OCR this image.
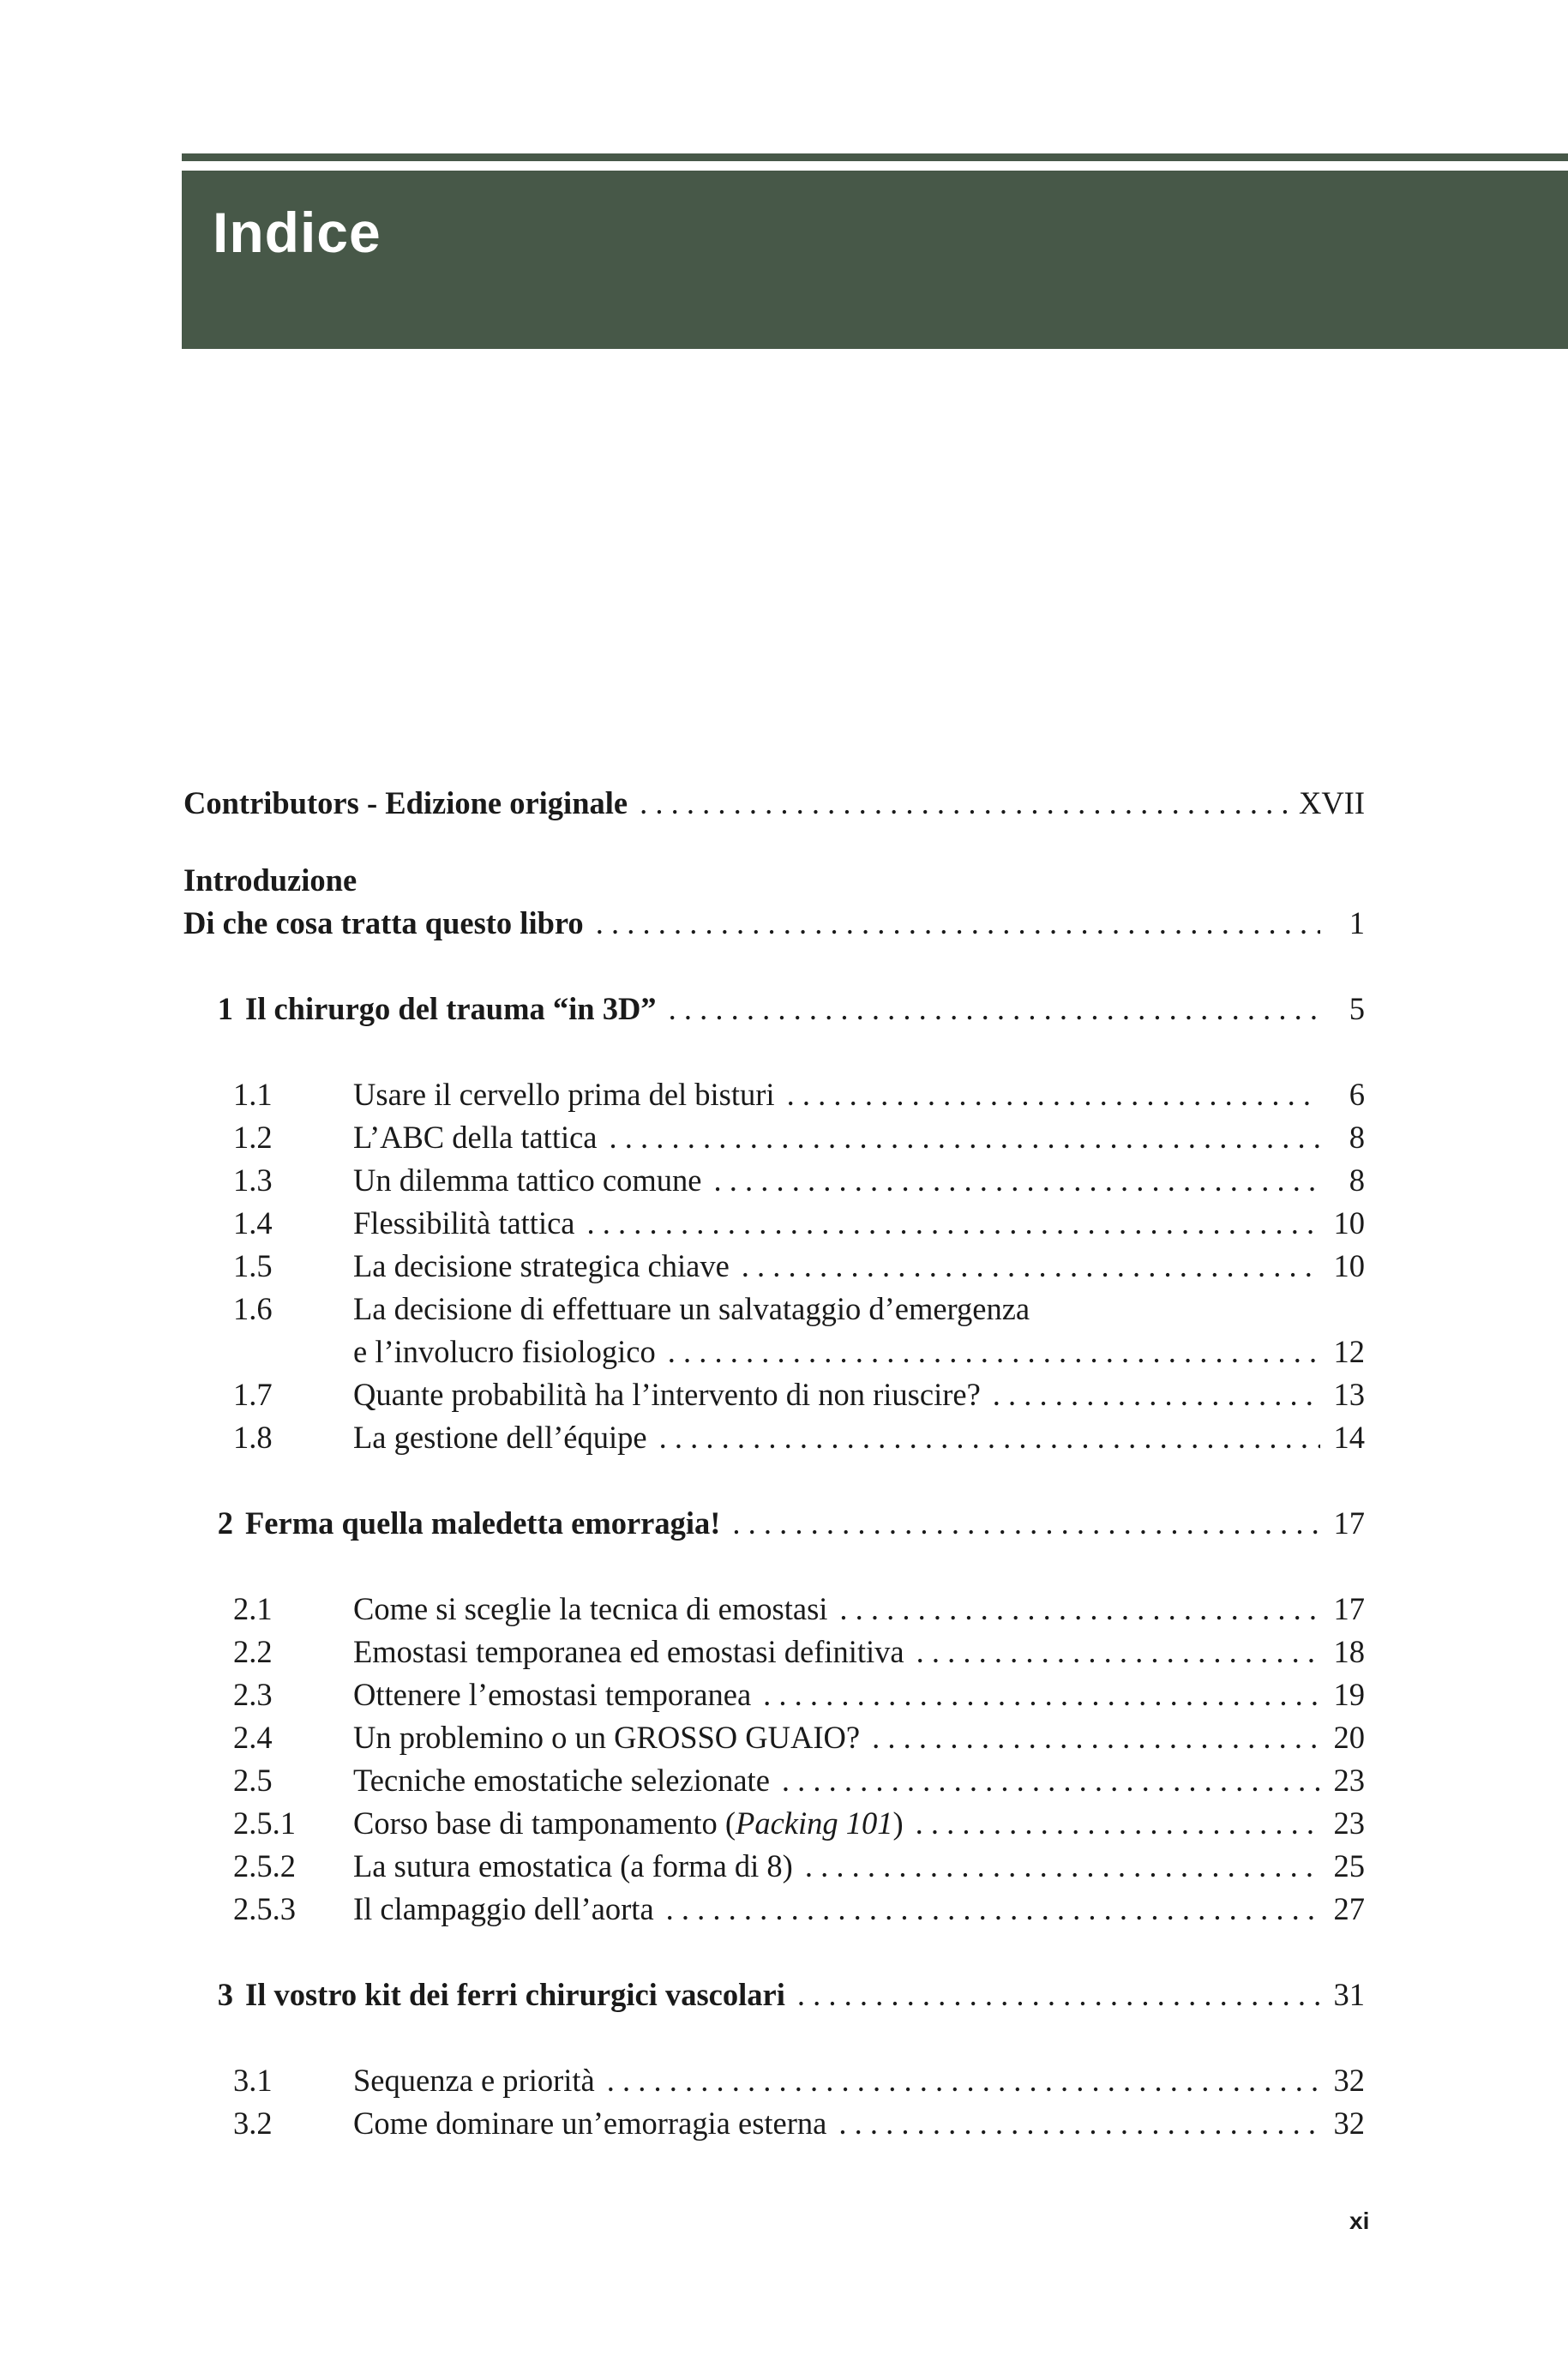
Indice
Contributors - Edizione originale . . .	XVII
Introduzione
Di che cosa tratta questo libro . . .	1
1 Il chirurgo del trauma “in 3D” . . .	5
1.1	Usare il cervello prima del bisturi . . .	6
1.2	L’ABC della tattica . . .	8
1.3	Un dilemma tattico comune . . .	8
1.4	Flessibilità tattica . . .	10
1.5	La decisione strategica chiave . . .	10
1.6	La decisione di effettuare un salvataggio d’emergenza
e l’involucro fisiologico . . .	12
1.7	Quante probabilità ha l’intervento di non riuscire? . . .	13
1.8	La gestione dell’équipe . . .	14
2 Ferma quella maledetta emorragia! . . .	17
2.1	Come si sceglie la tecnica di emostasi . . .	17
2.2	Emostasi temporanea ed emostasi definitiva . . .	18
2.3	Ottenere l’emostasi temporanea . . .	19
2.4	Un problemino o un GROSSO GUAIO? . . .	20
2.5	Tecniche emostatiche selezionate . . .	23
2.5.1	Corso base di tamponamento (Packing 101) . . .	23
2.5.2	La sutura emostatica (a forma di 8) . . .	25
2.5.3	Il clampaggio dell’aorta . . .	27
3 Il vostro kit dei ferri chirurgici vascolari . . .	31
3.1	Sequenza e priorità . . .	32
3.2	Come dominare un’emorragia esterna . . .	32
xi
